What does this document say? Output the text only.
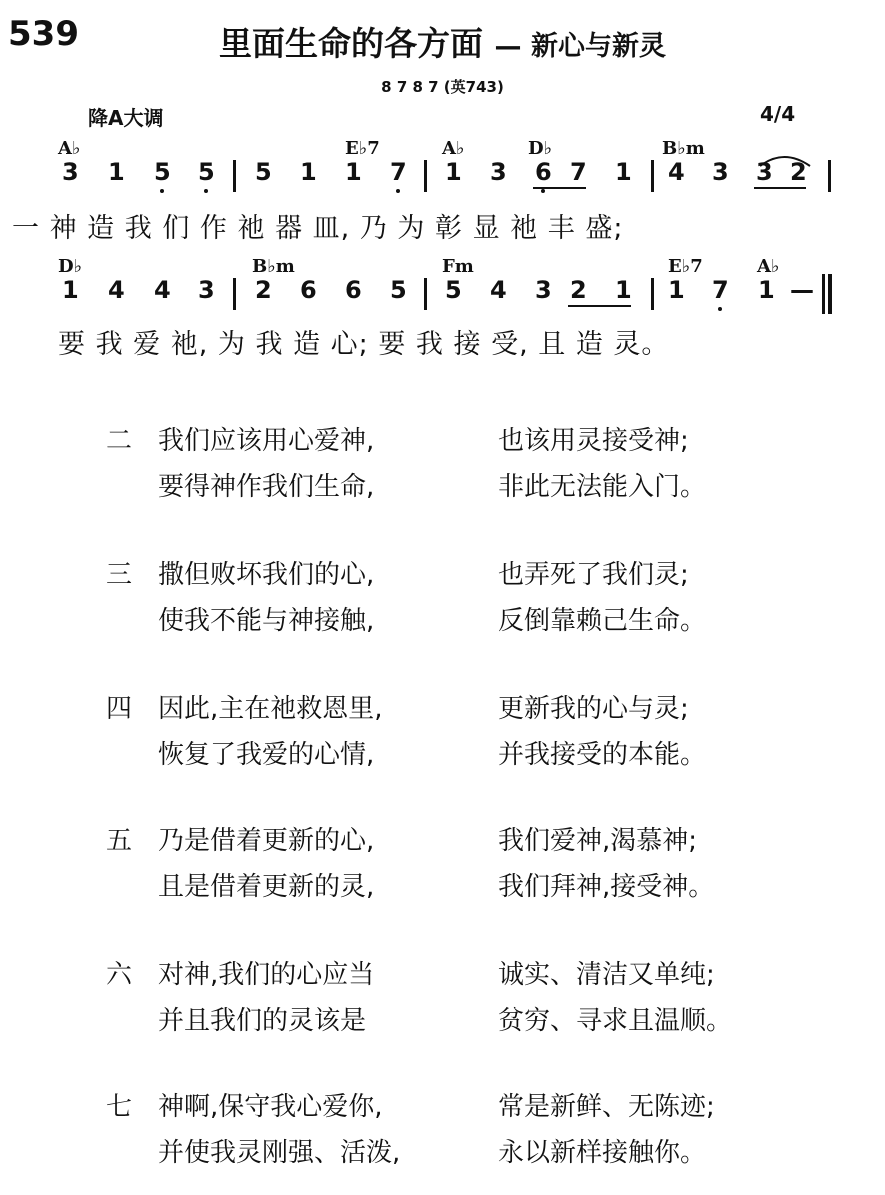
539	里面生命的各方面 — 新心与新灵
8 7 8 7 (英743)
降A大调	4/4
A♭	E♭7	A♭	D♭	B♭m
3 1 5 5 5 1 1 7 1 3 6 7 1 4 3 3 2
一 神 造 我 们 作 祂 器 皿, 乃 为 彰 显 祂 丰 盛;
D♭	B♭m	Fm	E♭7	A♭
1 4 4 3 2 6 6 5 5 4 3 2 1 1 7 1 —
要 我 爱 祂, 为 我 造 心; 要 我 接 受, 且 造 灵。
二 我们应该用心爱神,	也该用灵接受神;
要得神作我们生命,	非此无法能入门。
三 撒但败坏我们的心,	也弄死了我们灵;
使我不能与神接触,	反倒靠赖己生命。
四 因此,主在祂救恩里,	更新我的心与灵;
恢复了我爱的心情,	并我接受的本能。
五 乃是借着更新的心,	我们爱神,渴慕神;
且是借着更新的灵,	我们拜神,接受神。
六 对神,我们的心应当	诚实、清洁又单纯;
并且我们的灵该是	贫穷、寻求且温顺。
七 神啊,保守我心爱你,	常是新鲜、无陈迹;
并使我灵刚强、活泼,	永以新样接触你。
